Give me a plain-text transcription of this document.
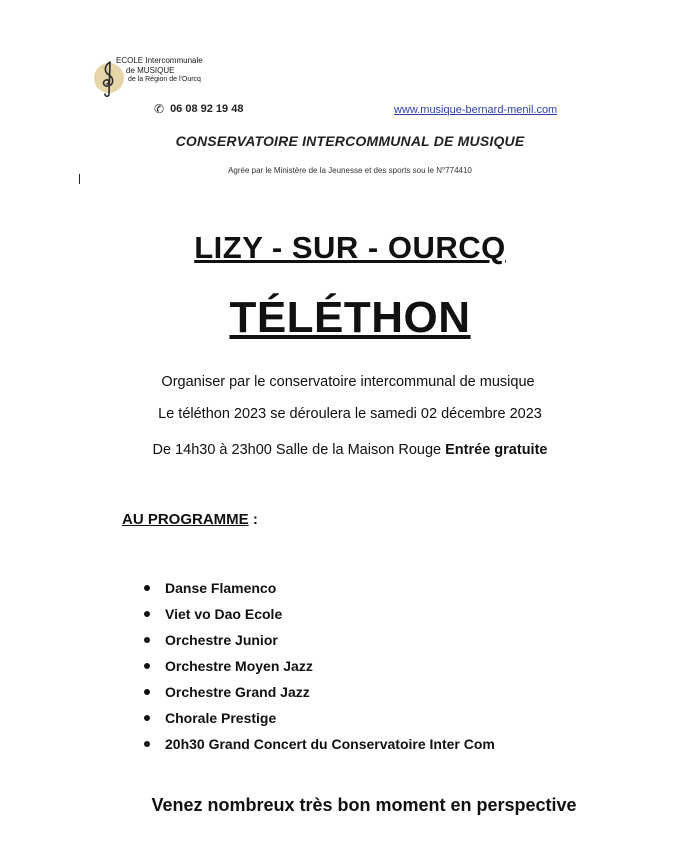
ECOLE Intercommunale
de MUSIQUE
de la Région de l'Ourcq
✆ 06 08 92 19 48	www.musique-bernard-menil.com
CONSERVATOIRE INTERCOMMUNAL DE MUSIQUE
Agrée par le Ministère de la Jeunesse et des sports sou le N°774410
LIZY - SUR - OURCQ
TÉLÉTHON
Organiser par le conservatoire intercommunal de musique
Le téléthon 2023 se déroulera le samedi 02 décembre 2023
De 14h30 à 23h00 Salle de la Maison Rouge Entrée gratuite
AU PROGRAMME :
Danse Flamenco
Viet vo Dao Ecole
Orchestre Junior
Orchestre Moyen Jazz
Orchestre Grand Jazz
Chorale Prestige
20h30 Grand Concert du Conservatoire Inter Com
Venez nombreux très bon moment en perspective
